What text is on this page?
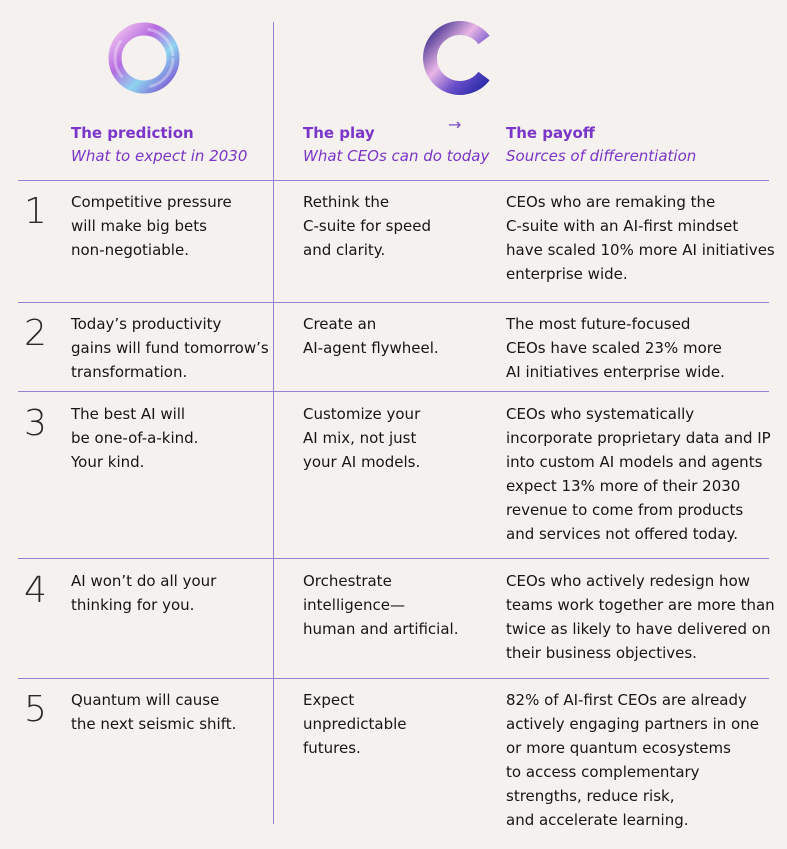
→
The prediction
What to expect in 2030
The play
What CEOs can do today
The payoff
Sources of differentiation
1 Competitive pressure
will make big bets
non-negotiable.
Rethink the
C-suite for speed
and clarity.
CEOs who are remaking the
C-suite with an AI-first mindset
have scaled 10% more AI initiatives
enterprise wide.
2 Today’s productivity
gains will fund tomorrow’s
transformation.
Create an
AI-agent flywheel.
The most future-focused
CEOs have scaled 23% more
AI initiatives enterprise wide.
3 The best AI will
be one-of-a-kind.
Your kind.
Customize your
AI mix, not just
your AI models.
CEOs who systematically
incorporate proprietary data and IP
into custom AI models and agents
expect 13% more of their 2030
revenue to come from products
and services not offered today.
4 AI won’t do all your
thinking for you.
Orchestrate
intelligence—
human and artificial.
CEOs who actively redesign how
teams work together are more than
twice as likely to have delivered on
their business objectives.
5 Quantum will cause
the next seismic shift.
Expect
unpredictable
futures.
82% of AI-first CEOs are already
actively engaging partners in one
or more quantum ecosystems
to access complementary
strengths, reduce risk,
and accelerate learning.
